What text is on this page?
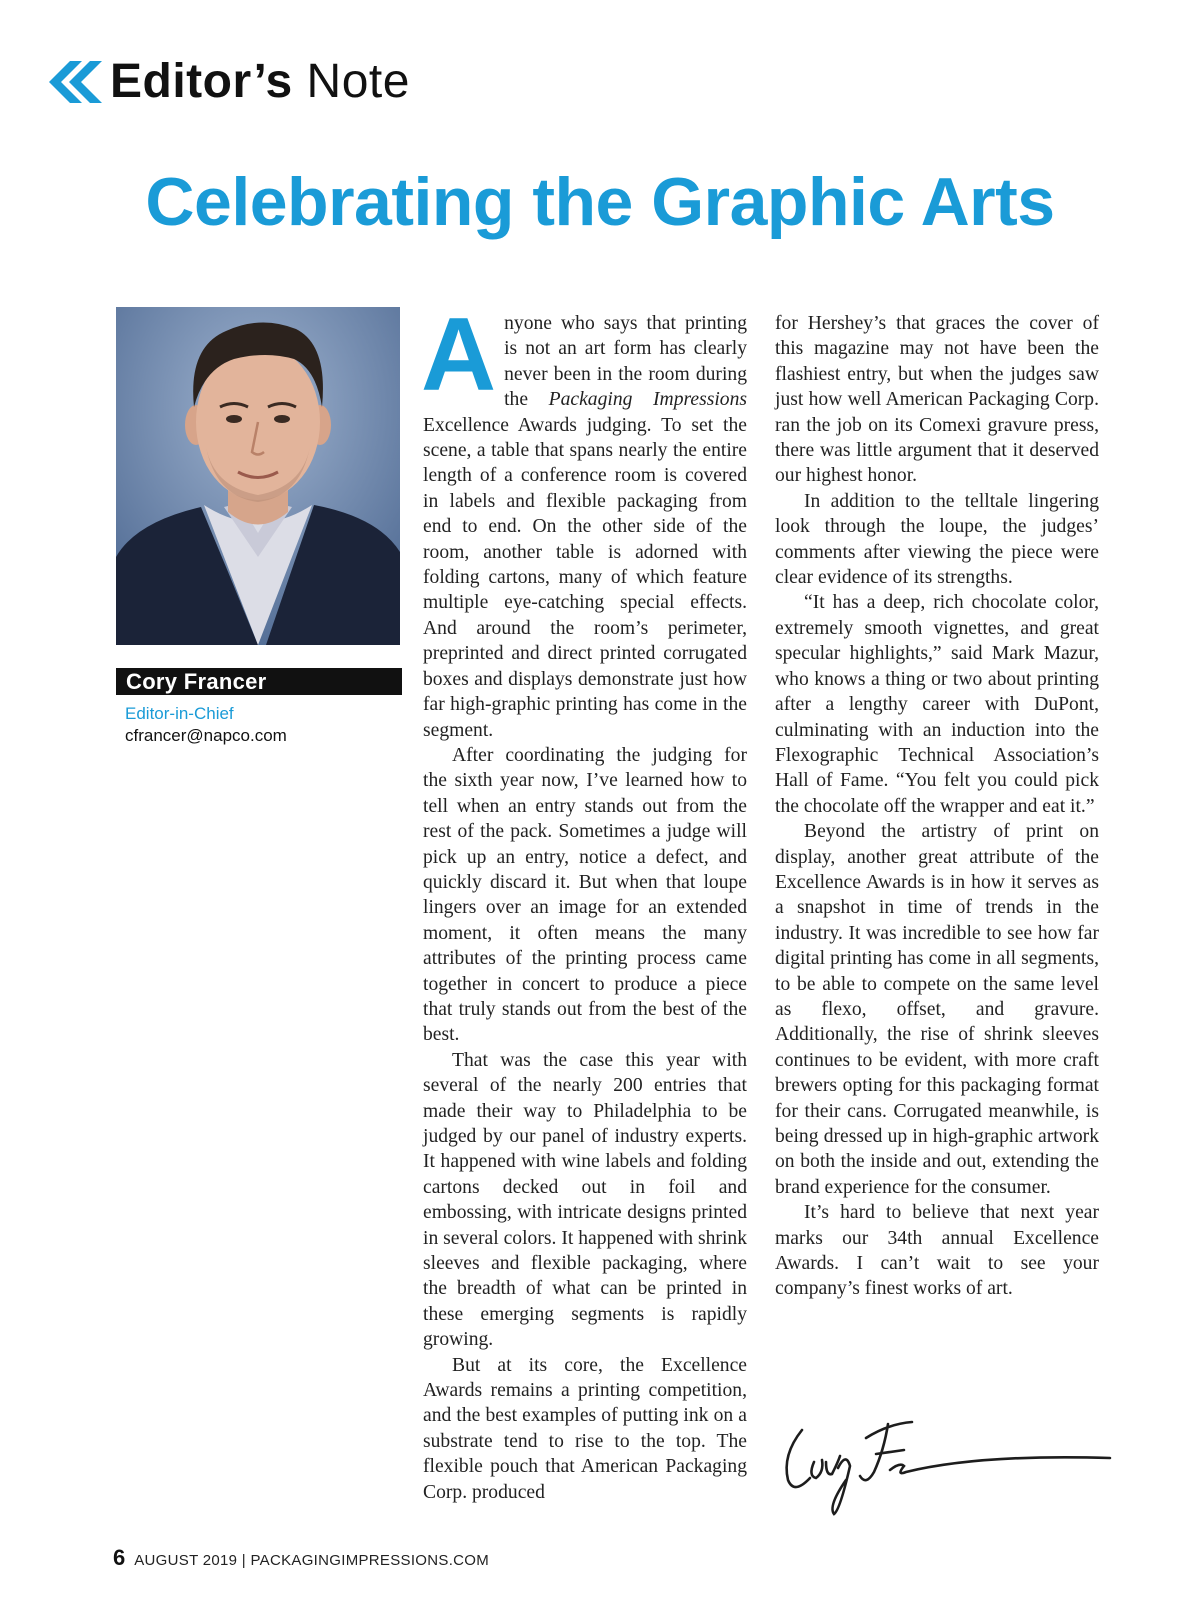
Editor’s Note
Celebrating the Graphic Arts
Cory Francer
Editor-in-Chief
cfrancer@napco.com

Anyone who says that printing is not an art form has clearly never been in the room during the Packaging Impressions Excellence Awards judging. To set the scene, a table that spans nearly the entire length of a conference room is covered in labels and flexible packaging from end to end. On the other side of the room, another table is adorned with folding cartons, many of which feature multiple eye-catching special effects. And around the room’s perimeter, preprinted and direct printed corrugated boxes and displays demonstrate just how far high-graphic printing has come in the segment.

After coordinating the judging for the sixth year now, I’ve learned how to tell when an entry stands out from the rest of the pack. Sometimes a judge will pick up an entry, notice a defect, and quickly discard it. But when that loupe lingers over an image for an extended moment, it often means the many attributes of the printing process came together in concert to produce a piece that truly stands out from the best of the best.

That was the case this year with several of the nearly 200 entries that made their way to Philadelphia to be judged by our panel of industry experts. It happened with wine labels and folding cartons decked out in foil and embossing, with intricate designs printed in several colors. It happened with shrink sleeves and flexible packaging, where the breadth of what can be printed in these emerging segments is rapidly growing.

But at its core, the Excellence Awards remains a printing competition, and the best examples of putting ink on a substrate tend to rise to the top. The flexible pouch that American Packaging Corp. produced

for Hershey’s that graces the cover of this magazine may not have been the flashiest entry, but when the judges saw just how well American Packaging Corp. ran the job on its Comexi gravure press, there was little argument that it deserved our highest honor.

In addition to the telltale lingering look through the loupe, the judges’ comments after viewing the piece were clear evidence of its strengths.

“It has a deep, rich chocolate color, extremely smooth vignettes, and great specular highlights,” said Mark Mazur, who knows a thing or two about printing after a lengthy career with DuPont, culminating with an induction into the Flexographic Technical Association’s Hall of Fame. “You felt you could pick the chocolate off the wrapper and eat it.”

Beyond the artistry of print on display, another great attribute of the Excellence Awards is in how it serves as a snapshot in time of trends in the industry. It was incredible to see how far digital printing has come in all segments, to be able to compete on the same level as flexo, offset, and gravure. Additionally, the rise of shrink sleeves continues to be evident, with more craft brewers opting for this packaging format for their cans. Corrugated meanwhile, is being dressed up in high-graphic artwork on both the inside and out, extending the brand experience for the consumer.

It’s hard to believe that next year marks our 34th annual Excellence Awards. I can’t wait to see your company’s finest works of art.

6 AUGUST 2019 | PACKAGINGIMPRESSIONS.COM
